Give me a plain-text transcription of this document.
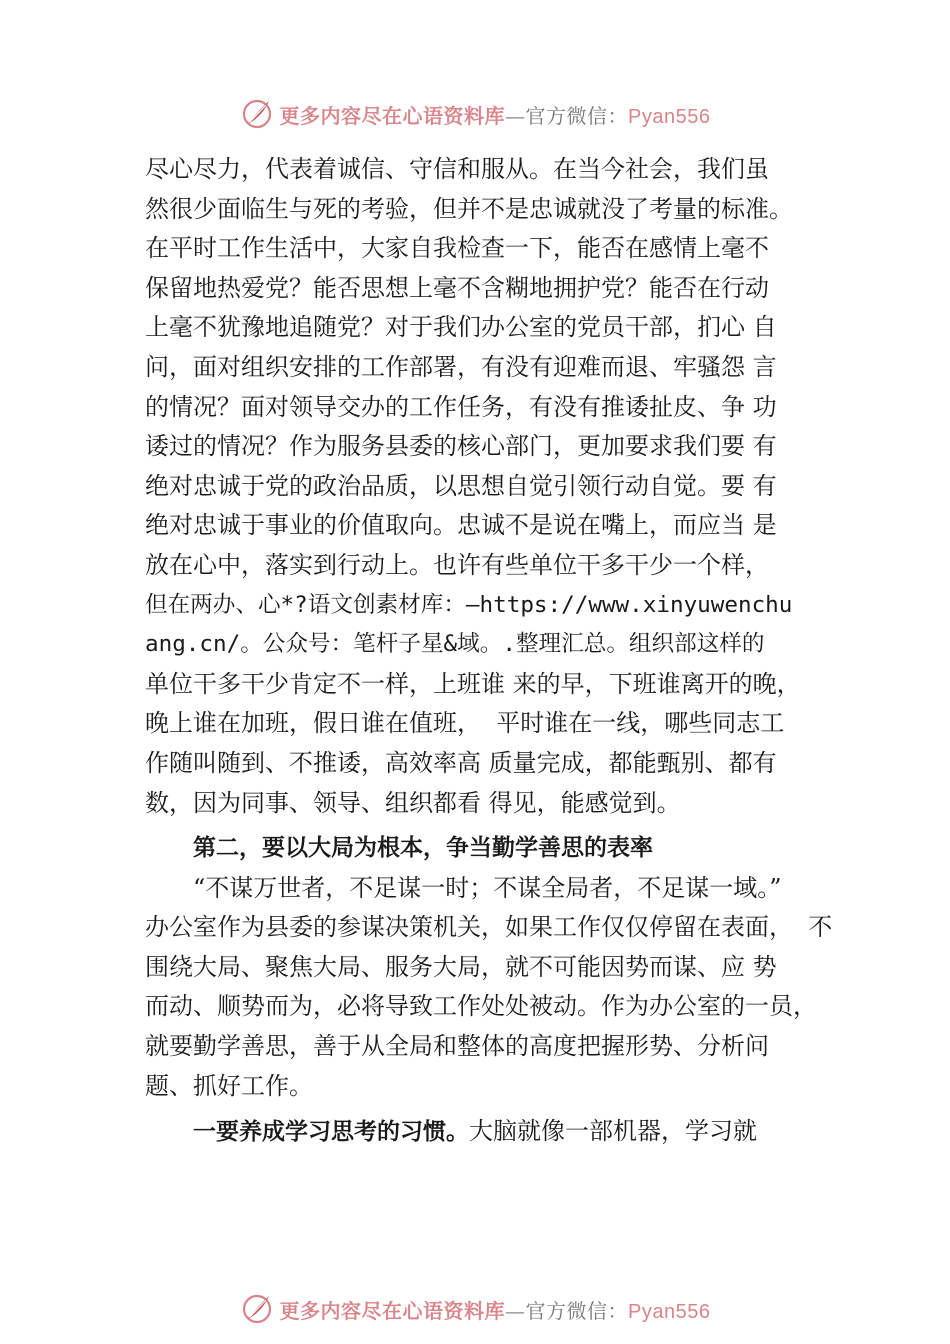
更多内容尽在心语资料库—官方微信：Pyan556
尽心尽力，代表着诚信、守信和服从。在当今社会，我们虽
然很少面临生与死的考验，但并不是忠诚就没了考量的标准。
在平时工作生活中，大家自我检查一下，能否在感情上毫不
保留地热爱党？能否思想上毫不含糊地拥护党？能否在行动
上毫不犹豫地追随党？对于我们办公室的党员干部，扪心 自
问，面对组织安排的工作部署，有没有迎难而退、牢骚怨 言
的情况？面对领导交办的工作任务，有没有推诿扯皮、争 功
诿过的情况？作为服务县委的核心部门，更加要求我们要 有
绝对忠诚于党的政治品质，以思想自觉引领行动自觉。要 有
绝对忠诚于事业的价值取向。忠诚不是说在嘴上，而应当 是
放在心中，落实到行动上。也许有些单位干多干少一个样，
但在两办、心*?语文创素材库：—https://www.xinyuwenchu
ang.cn/。公众号：笔杆子星&域。.整理汇总。组织部这样的
单位干多干少肯定不一样，上班谁 来的早，下班谁离开的晚，
晚上谁在加班，假日谁在值班，  平时谁在一线，哪些同志工
作随叫随到、不推诿，高效率高 质量完成，都能甄别、都有
数，因为同事、领导、组织都看 得见，能感觉到。
第二，要以大局为根本，争当勤学善思的表率
“不谋万世者，不足谋一时；不谋全局者，不足谋一域。”
办公室作为县委的参谋决策机关，如果工作仅仅停留在表面，  不
围绕大局、聚焦大局、服务大局，就不可能因势而谋、应 势
而动、顺势而为，必将导致工作处处被动。作为办公室的一员，
就要勤学善思，善于从全局和整体的高度把握形势、分析问
题、抓好工作。
一要养成学习思考的习惯。大脑就像一部机器，学习就
更多内容尽在心语资料库—官方微信：Pyan556
